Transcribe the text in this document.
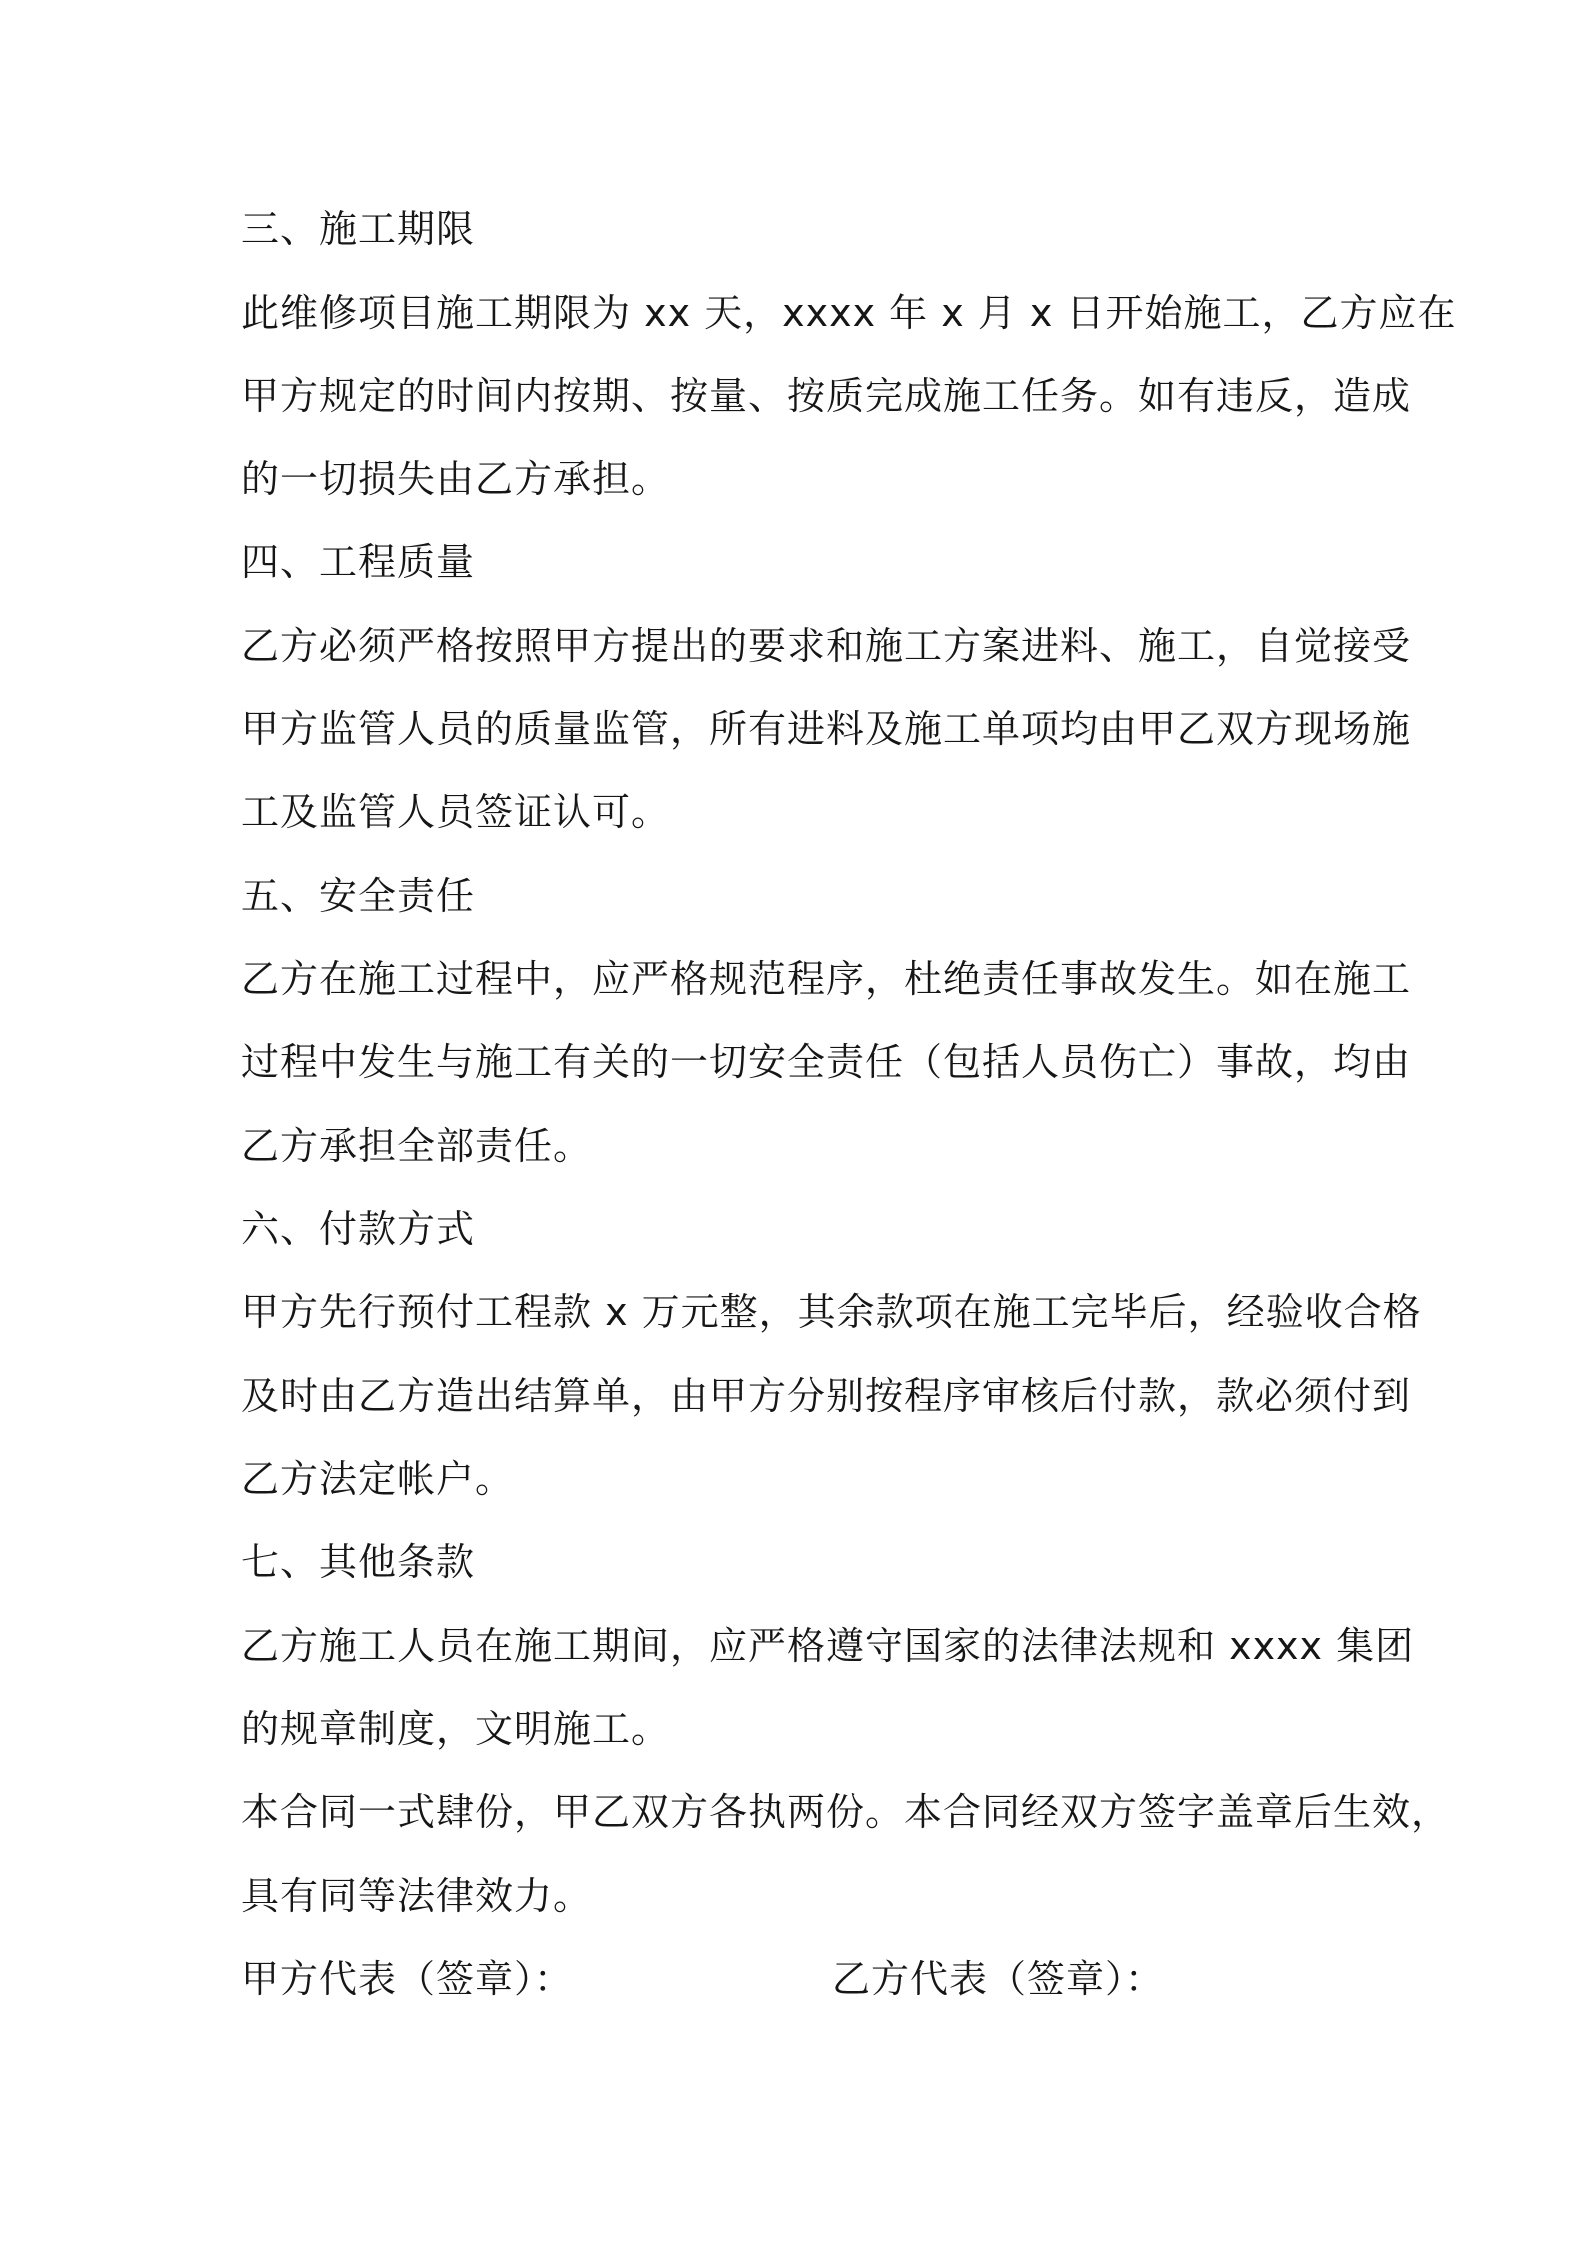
三、施工期限
此维修项目施工期限为 xx 天，xxxx 年 x 月 x 日开始施工，乙方应在
甲方规定的时间内按期、按量、按质完成施工任务。如有违反，造成
的一切损失由乙方承担。
四、工程质量
乙方必须严格按照甲方提出的要求和施工方案进料、施工，自觉接受
甲方监管人员的质量监管，所有进料及施工单项均由甲乙双方现场施
工及监管人员签证认可。
五、安全责任
乙方在施工过程中，应严格规范程序，杜绝责任事故发生。如在施工
过程中发生与施工有关的一切安全责任（包括人员伤亡）事故，均由
乙方承担全部责任。
六、付款方式
甲方先行预付工程款 x 万元整，其余款项在施工完毕后，经验收合格
及时由乙方造出结算单，由甲方分别按程序审核后付款，款必须付到
乙方法定帐户。
七、其他条款
乙方施工人员在施工期间，应严格遵守国家的法律法规和 xxxx 集团
的规章制度，文明施工。
本合同一式肆份，甲乙双方各执两份。本合同经双方签字盖章后生效，
具有同等法律效力。
甲方代表（签章）：	乙方代表（签章）：
